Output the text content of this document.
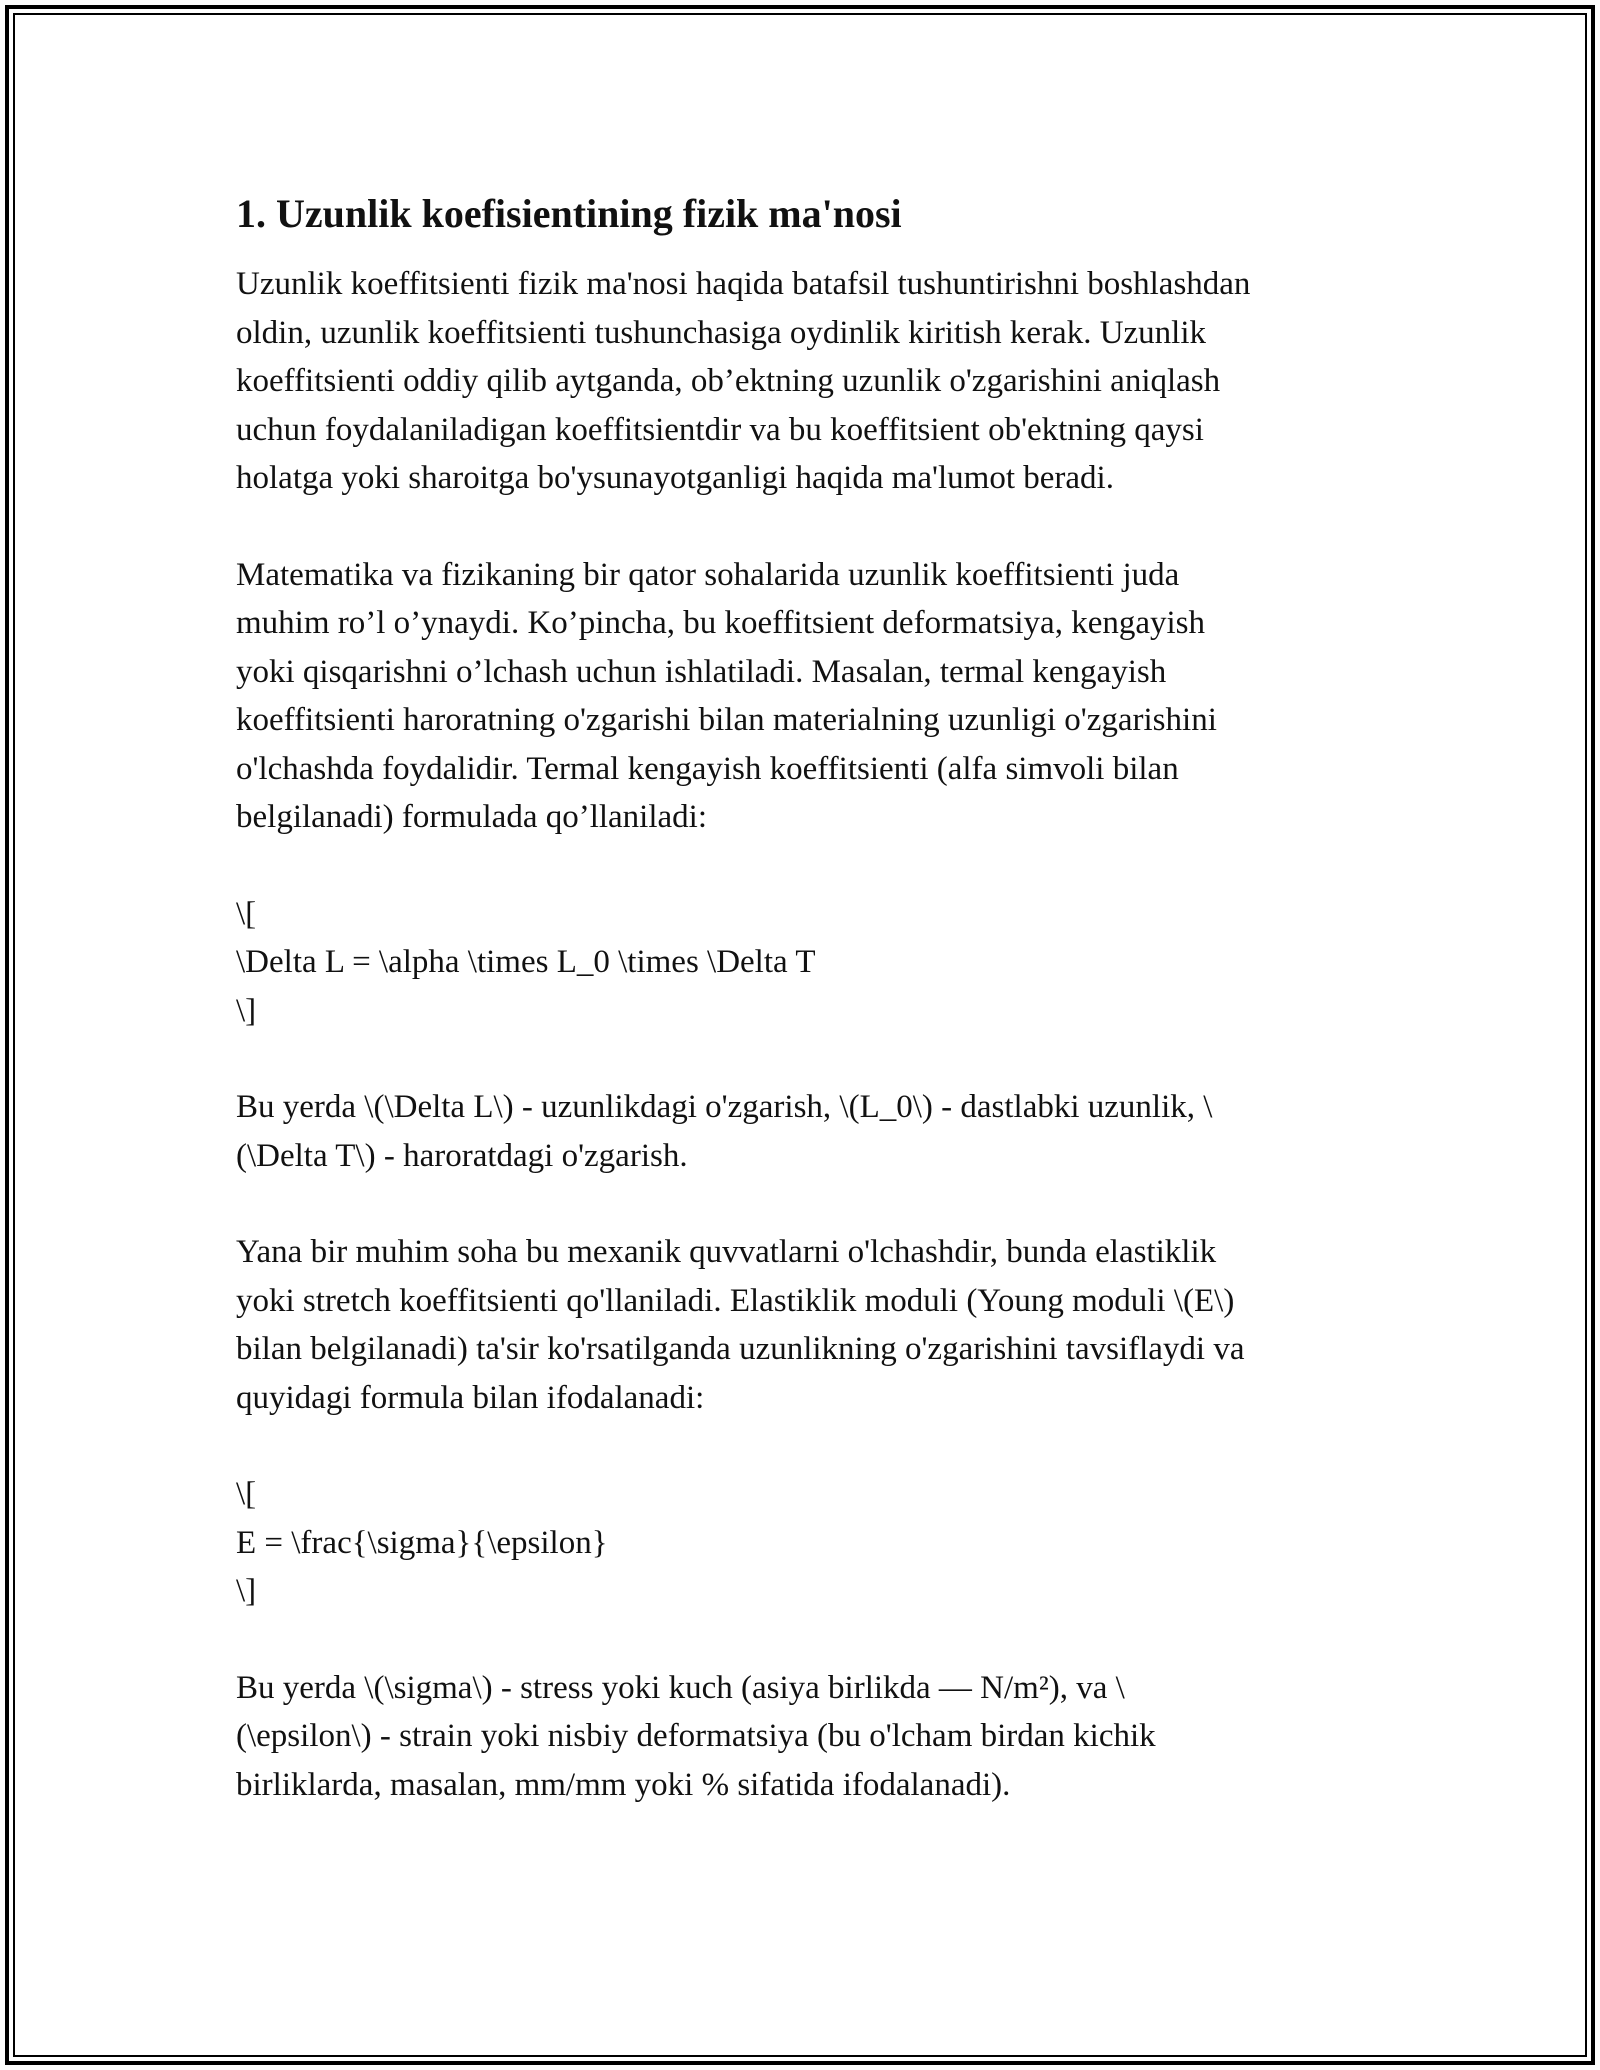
1. Uzunlik koefisientining fizik ma'nosi

Uzunlik koeffitsienti fizik ma'nosi haqida batafsil tushuntirishni boshlashdan
oldin, uzunlik koeffitsienti tushunchasiga oydinlik kiritish kerak. Uzunlik
koeffitsienti oddiy qilib aytganda, ob’ektning uzunlik o'zgarishini aniqlash
uchun foydalaniladigan koeffitsientdir va bu koeffitsient ob'ektning qaysi
holatga yoki sharoitga bo'ysunayotganligi haqida ma'lumot beradi.

Matematika va fizikaning bir qator sohalarida uzunlik koeffitsienti juda
muhim ro’l o’ynaydi. Ko’pincha, bu koeffitsient deformatsiya, kengayish
yoki qisqarishni o’lchash uchun ishlatiladi. Masalan, termal kengayish
koeffitsienti haroratning o'zgarishi bilan materialning uzunligi o'zgarishini
o'lchashda foydalidir. Termal kengayish koeffitsienti (alfa simvoli bilan
belgilanadi) formulada qo’llaniladi:

\[
\Delta L = \alpha \times L_0 \times \Delta T
\]

Bu yerda \(\Delta L\) - uzunlikdagi o'zgarish, \(L_0\) - dastlabki uzunlik, \
(\Delta T\) - haroratdagi o'zgarish.

Yana bir muhim soha bu mexanik quvvatlarni o'lchashdir, bunda elastiklik
yoki stretch koeffitsienti qo'llaniladi. Elastiklik moduli (Young moduli \(E\)
bilan belgilanadi) ta'sir ko'rsatilganda uzunlikning o'zgarishini tavsiflaydi va
quyidagi formula bilan ifodalanadi:

\[
E = \frac{\sigma}{\epsilon}
\]

Bu yerda \(\sigma\) - stress yoki kuch (asiya birlikda — N/m²), va \
(\epsilon\) - strain yoki nisbiy deformatsiya (bu o'lcham birdan kichik
birliklarda, masalan, mm/mm yoki % sifatida ifodalanadi).
